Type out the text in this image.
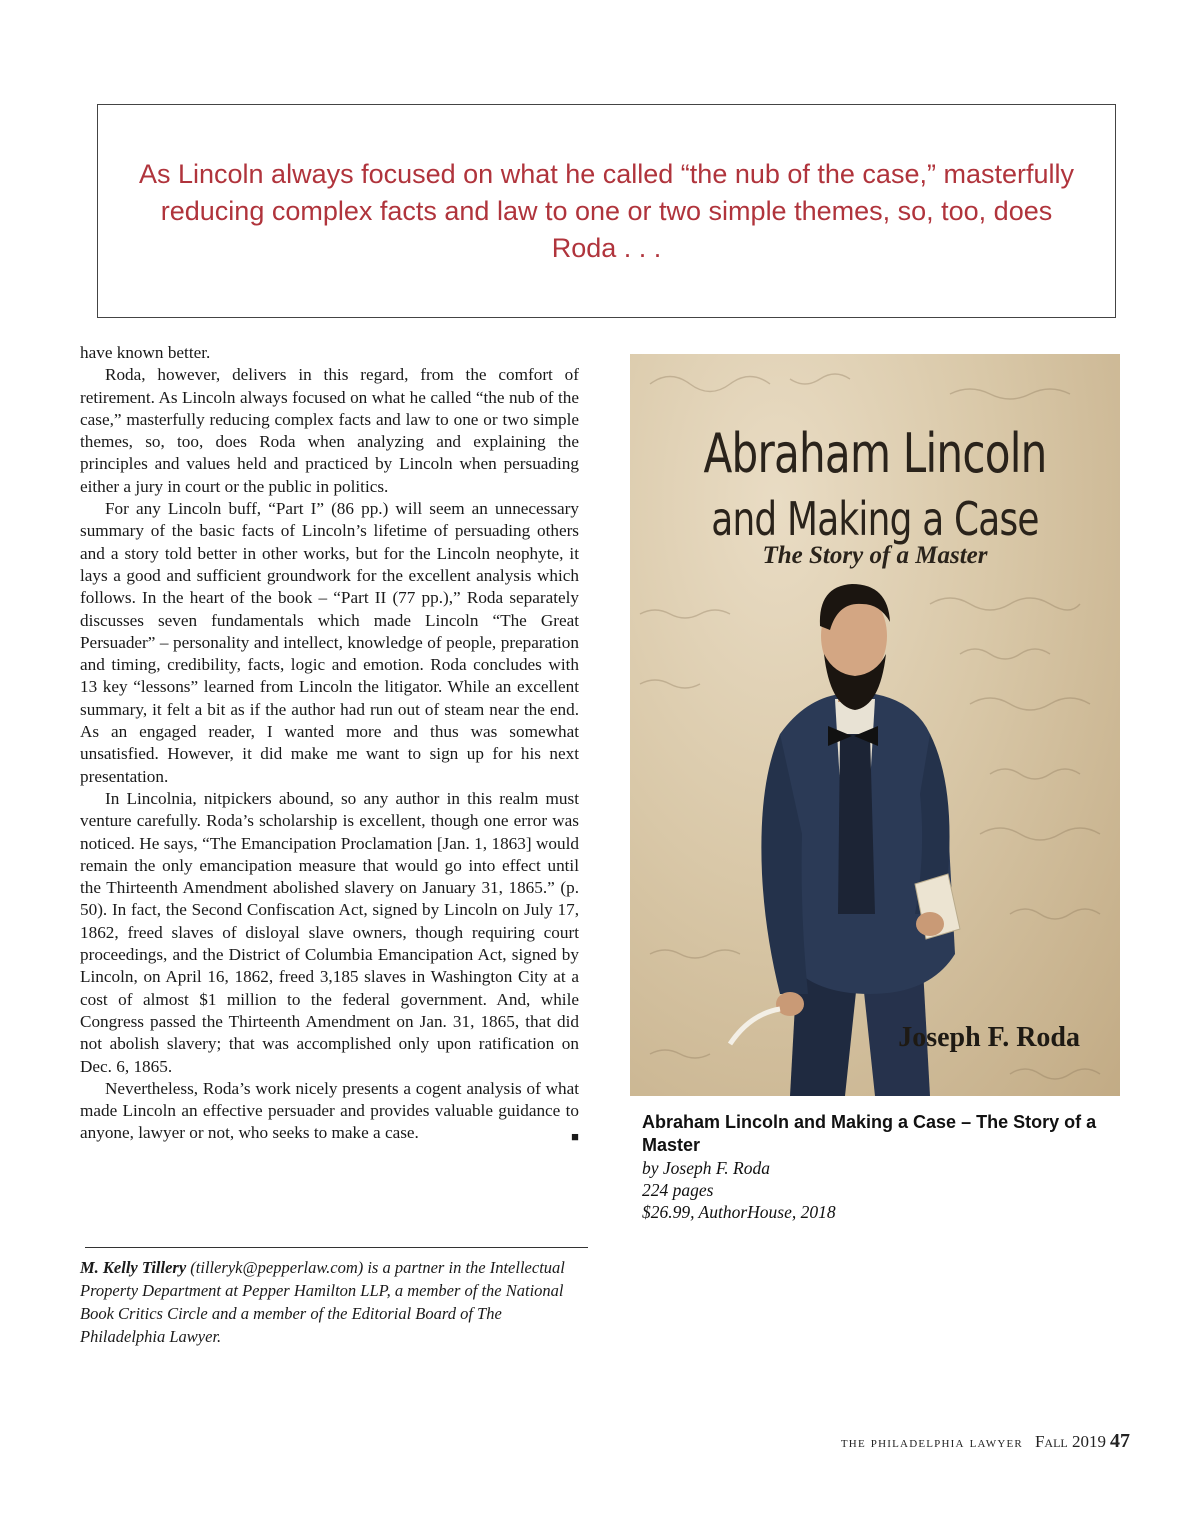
As Lincoln always focused on what he called “the nub of the case,” masterfully reducing complex facts and law to one or two simple themes, so, too, does Roda . . .

have known better.

Roda, however, delivers in this regard, from the comfort of retirement. As Lincoln always focused on what he called “the nub of the case,” masterfully reducing complex facts and law to one or two simple themes, so, too, does Roda when analyzing and explaining the principles and values held and practiced by Lincoln when persuading either a jury in court or the public in politics.

For any Lincoln buff, “Part I” (86 pp.) will seem an unnecessary summary of the basic facts of Lincoln’s lifetime of persuading others and a story told better in other works, but for the Lincoln neophyte, it lays a good and sufficient groundwork for the excellent analysis which follows. In the heart of the book – “Part II (77 pp.),” Roda separately discusses seven fundamentals which made Lincoln “The Great Persuader” – personality and intellect, knowledge of people, preparation and timing, credibility, facts, logic and emotion. Roda concludes with 13 key “lessons” learned from Lincoln the litigator. While an excellent summary, it felt a bit as if the author had run out of steam near the end. As an engaged reader, I wanted more and thus was somewhat unsatisfied. However, it did make me want to sign up for his next presentation.

In Lincolnia, nitpickers abound, so any author in this realm must venture carefully. Roda’s scholarship is excellent, though one error was noticed. He says, “The Emancipation Proclamation [Jan. 1, 1863] would remain the only emancipation measure that would go into effect until the Thirteenth Amendment abolished slavery on January 31, 1865.” (p. 50). In fact, the Second Confiscation Act, signed by Lincoln on July 17, 1862, freed slaves of disloyal slave owners, though requiring court proceedings, and the District of Columbia Emancipation Act, signed by Lincoln, on April 16, 1862, freed 3,185 slaves in Washington City at a cost of almost $1 million to the federal government. And, while Congress passed the Thirteenth Amendment on Jan. 31, 1865, that did not abolish slavery; that was accomplished only upon ratification on Dec. 6, 1865.

Nevertheless, Roda’s work nicely presents a cogent analysis of what made Lincoln an effective persuader and provides valuable guidance to anyone, lawyer or not, who seeks to make a case.	■

M. Kelly Tillery (tilleryk@pepperlaw.com) is a partner in the Intellectual Property Department at Pepper Hamilton LLP, a member of the National Book Critics Circle and a member of the Editorial Board of The Philadelphia Lawyer.
Abraham Lincoln
and Making a Case
The Story of a Master
Joseph F. Roda
Abraham Lincoln and Making a Case – The Story of a Master
by Joseph F. Roda
224 pages
$26.99, AuthorHouse, 2018
the philadelphia lawyer Fall 2019 47
